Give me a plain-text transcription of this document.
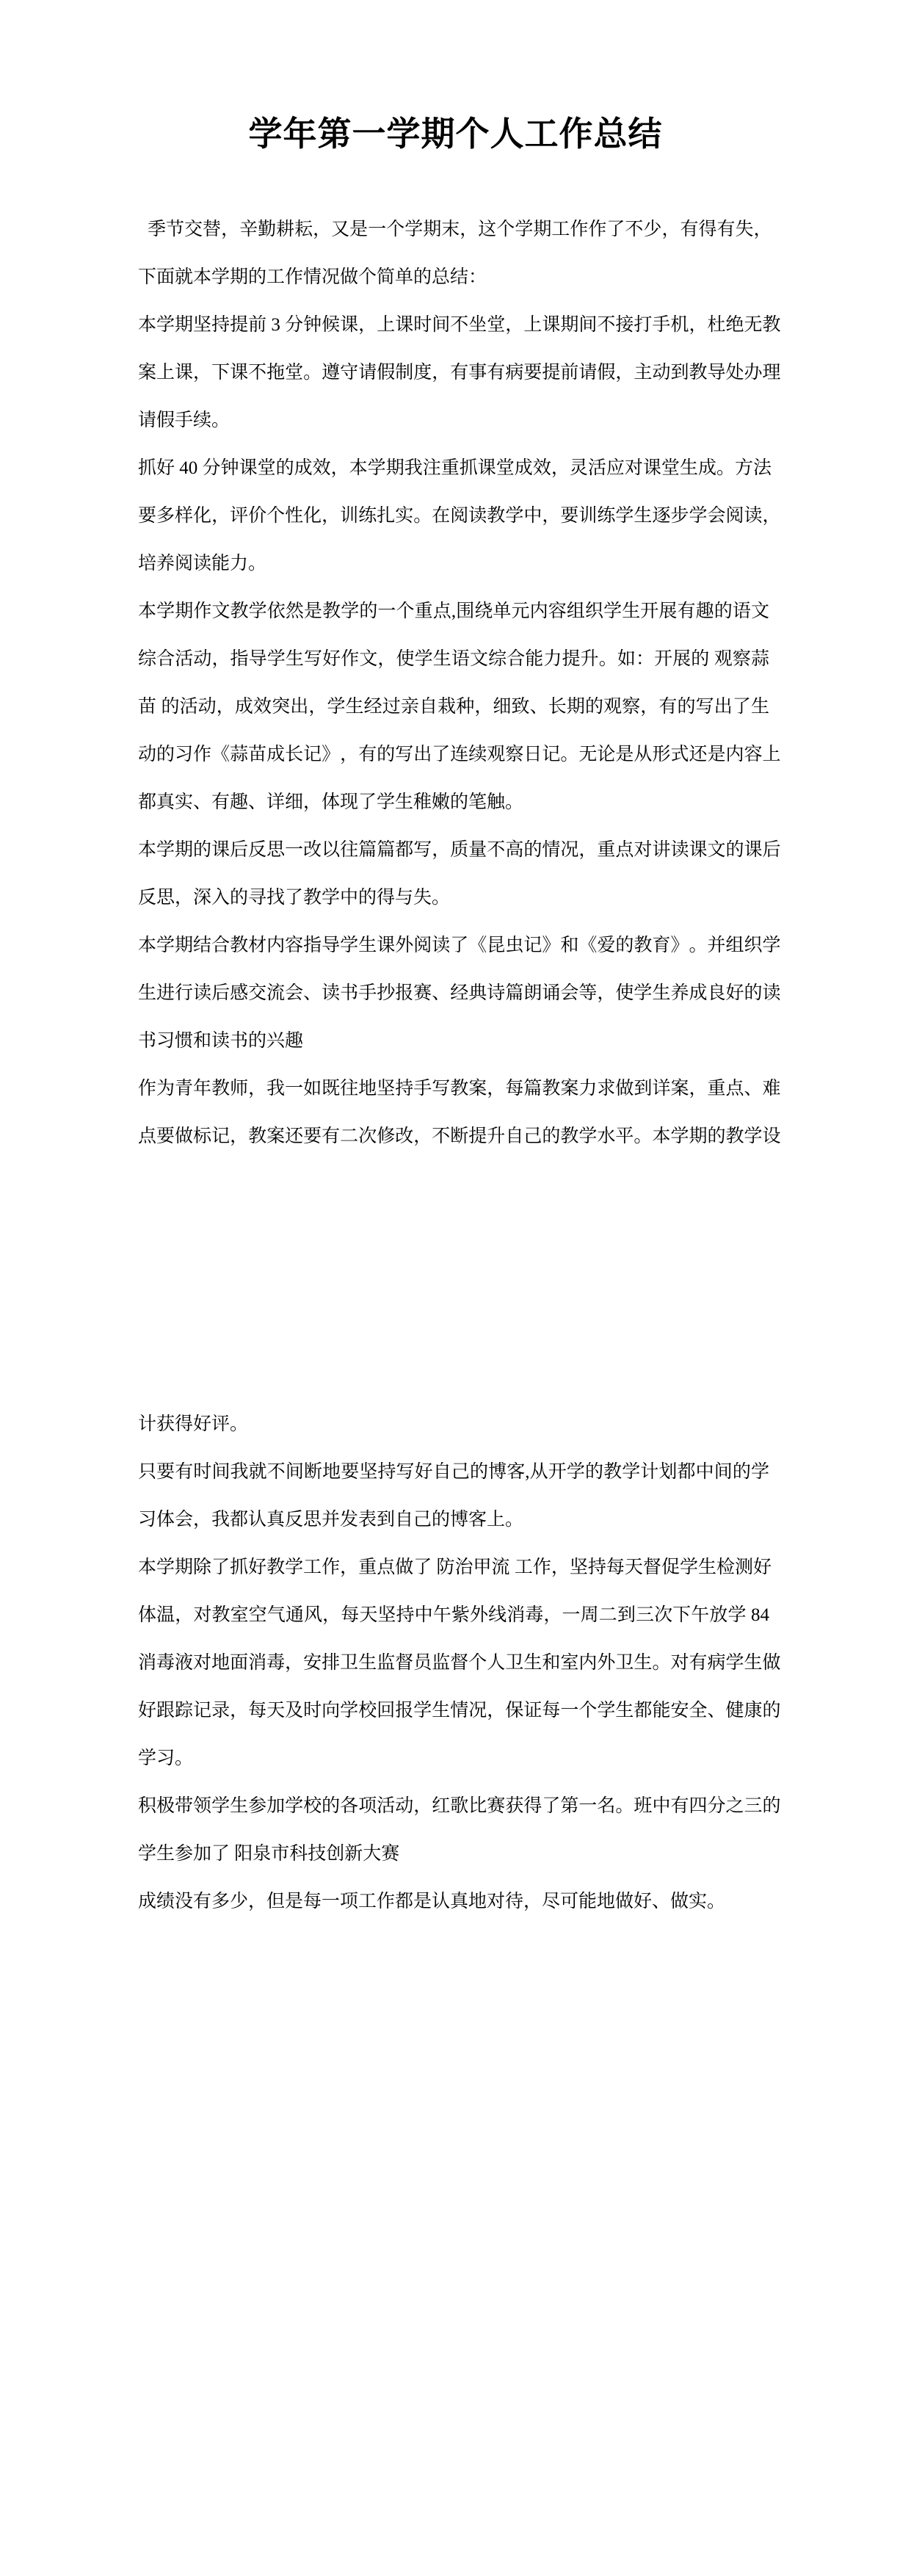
学年第一学期个人工作总结
季 节 交 替 ， 辛 勤 耕 耘 ， 又 是 一 个 学 期 末 ， 这 个 学 期 工 作 作 了 不 少 ， 有 得 有 失 ，
下面就本学期的工作情况做个简单的总结：
本 学 期 坚 持 提 前
3
分 钟 候 课 ， 上 课 时 间 不 坐 堂 ， 上 课 期 间 不 接 打 手 机 ， 杜 绝 无 教
案 上 课 ， 下 课 不 拖 堂 。 遵 守 请 假 制 度 ， 有 事 有 病 要 提 前 请 假 ， 主 动 到 教 导 处 办 理
请假手续。
抓 好
40
分 钟 课 堂 的 成 效 ， 本 学 期 我 注 重 抓 课 堂 成 效 ， 灵 活 应 对 课 堂 生 成 。 方 法
要 多 样 化 ， 评 价 个 性 化 ， 训 练 扎 实 。 在 阅 读 教 学 中 ， 要 训 练 学 生 逐 步 学 会 阅 读 ，
培养阅读能力。
本 学 期 作 文 教 学 依 然 是 教 学 的 一 个 重 点 , 围 绕 单 元 内 容 组 织 学 生 开 展 有 趣 的 语 文
综 合 活 动 ， 指 导 学 生 写 好 作 文 ， 使 学 生 语 文 综 合 能 力 提 升 。 如 ： 开 展 的
观 察 蒜
苗
的 活 动 ， 成 效 突 出 ， 学 生 经 过 亲 自 栽 种 ， 细 致 、 长 期 的 观 察 ， 有 的 写 出 了 生
动 的 习 作 《 蒜 苗 成 长 记 》 ， 有 的 写 出 了 连 续 观 察 日 记 。 无 论 是 从 形 式 还 是 内 容 上
都真实、有趣、详细，体现了学生稚嫩的笔触。
本 学 期 的 课 后 反 思 一 改 以 往 篇 篇 都 写 ， 质 量 不 高 的 情 况 ， 重 点 对 讲 读 课 文 的 课 后
反思，深入的寻找了教学中的得与失。
本 学 期 结 合 教 材 内 容 指 导 学 生 课 外 阅 读 了 《 昆 虫 记 》 和 《 爱 的 教 育 》 。 并 组 织 学
生 进 行 读 后 感 交 流 会 、 读 书 手 抄 报 赛 、 经 典 诗 篇 朗 诵 会 等 ， 使 学 生 养 成 良 好 的 读
书习惯和读书的兴趣
作 为 青 年 教 师 ， 我 一 如 既 往 地 坚 持 手 写 教 案 ， 每 篇 教 案 力 求 做 到 详 案 ， 重 点 、 难
点 要 做 标 记 ， 教 案 还 要 有 二 次 修 改 ， 不 断 提 升 自 己 的 教 学 水 平 。 本 学 期 的 教 学 设
计获得好评。
只 要 有 时 间 我 就 不 间 断 地 要 坚 持 写 好 自 己 的 博 客 , 从 开 学 的 教 学 计 划 都 中 间 的 学
习体会，我都认真反思并发表到自己的博客上。
本 学 期 除 了 抓 好 教 学 工 作 ， 重 点 做 了
防 治 甲 流
工 作 ， 坚 持 每 天 督 促 学 生 检 测 好
体 温 ， 对 教 室 空 气 通 风 ， 每 天 坚 持 中 午 紫 外 线 消 毒 ， 一 周 二 到 三 次 下 午 放 学
84
消 毒 液 对 地 面 消 毒 ， 安 排 卫 生 监 督 员 监 督 个 人 卫 生 和 室 内 外 卫 生 。 对 有 病 学 生 做
好 跟 踪 记 录 ， 每 天 及 时 向 学 校 回 报 学 生 情 况 ， 保 证 每 一 个 学 生 都 能 安 全 、 健 康 的
学习。
积 极 带 领 学 生 参 加 学 校 的 各 项 活 动 ， 红 歌 比 赛 获 得 了 第 一 名 。 班 中 有 四 分 之 三 的
学生参加了 阳泉市科技创新大赛
成绩没有多少，但是每一项工作都是认真地对待，尽可能地做好、做实。
